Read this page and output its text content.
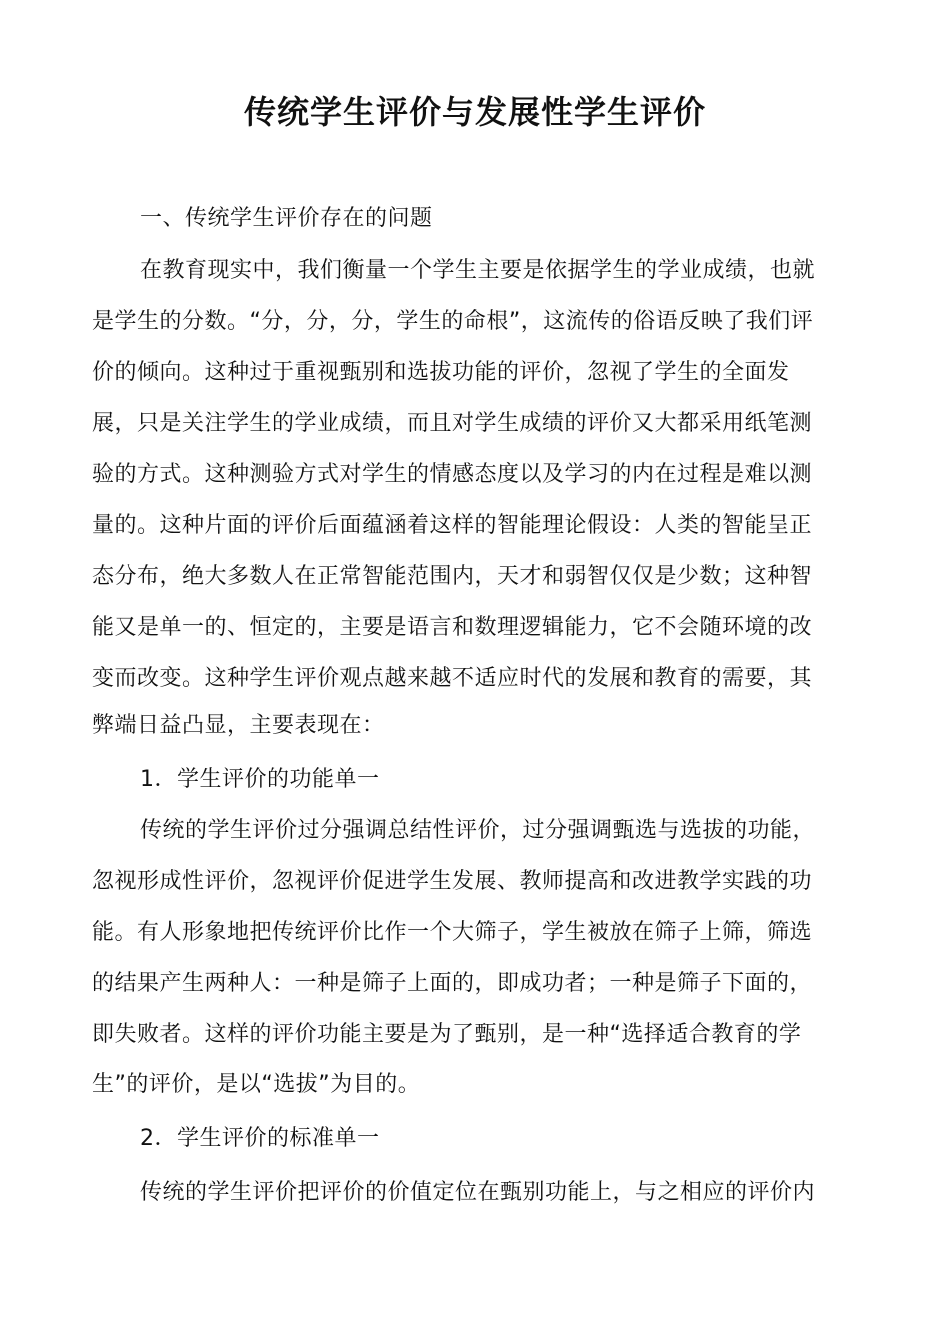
传统学生评价与发展性学生评价
一、传统学生评价存在的问题
在教育现实中，我们衡量一个学生主要是依据学生的学业成绩，也就
是学生的分数。“分，分，分，学生的命根”，这流传的俗语反映了我们评
价的倾向。这种过于重视甄别和选拔功能的评价，忽视了学生的全面发
展，只是关注学生的学业成绩，而且对学生成绩的评价又大都采用纸笔测
验的方式。这种测验方式对学生的情感态度以及学习的内在过程是难以测
量的。这种片面的评价后面蕴涵着这样的智能理论假设：人类的智能呈正
态分布，绝大多数人在正常智能范围内，天才和弱智仅仅是少数；这种智
能又是单一的、恒定的，主要是语言和数理逻辑能力，它不会随环境的改
变而改变。这种学生评价观点越来越不适应时代的发展和教育的需要，其
弊端日益凸显，主要表现在：
1．学生评价的功能单一
传统的学生评价过分强调总结性评价，过分强调甄选与选拔的功能，
忽视形成性评价，忽视评价促进学生发展、教师提高和改进教学实践的功
能。有人形象地把传统评价比作一个大筛子，学生被放在筛子上筛，筛选
的结果产生两种人：一种是筛子上面的，即成功者；一种是筛子下面的，
即失败者。这样的评价功能主要是为了甄别，是一种“选择适合教育的学
生”的评价，是以“选拔”为目的。
2．学生评价的标准单一
传统的学生评价把评价的价值定位在甄别功能上，与之相应的评价内
